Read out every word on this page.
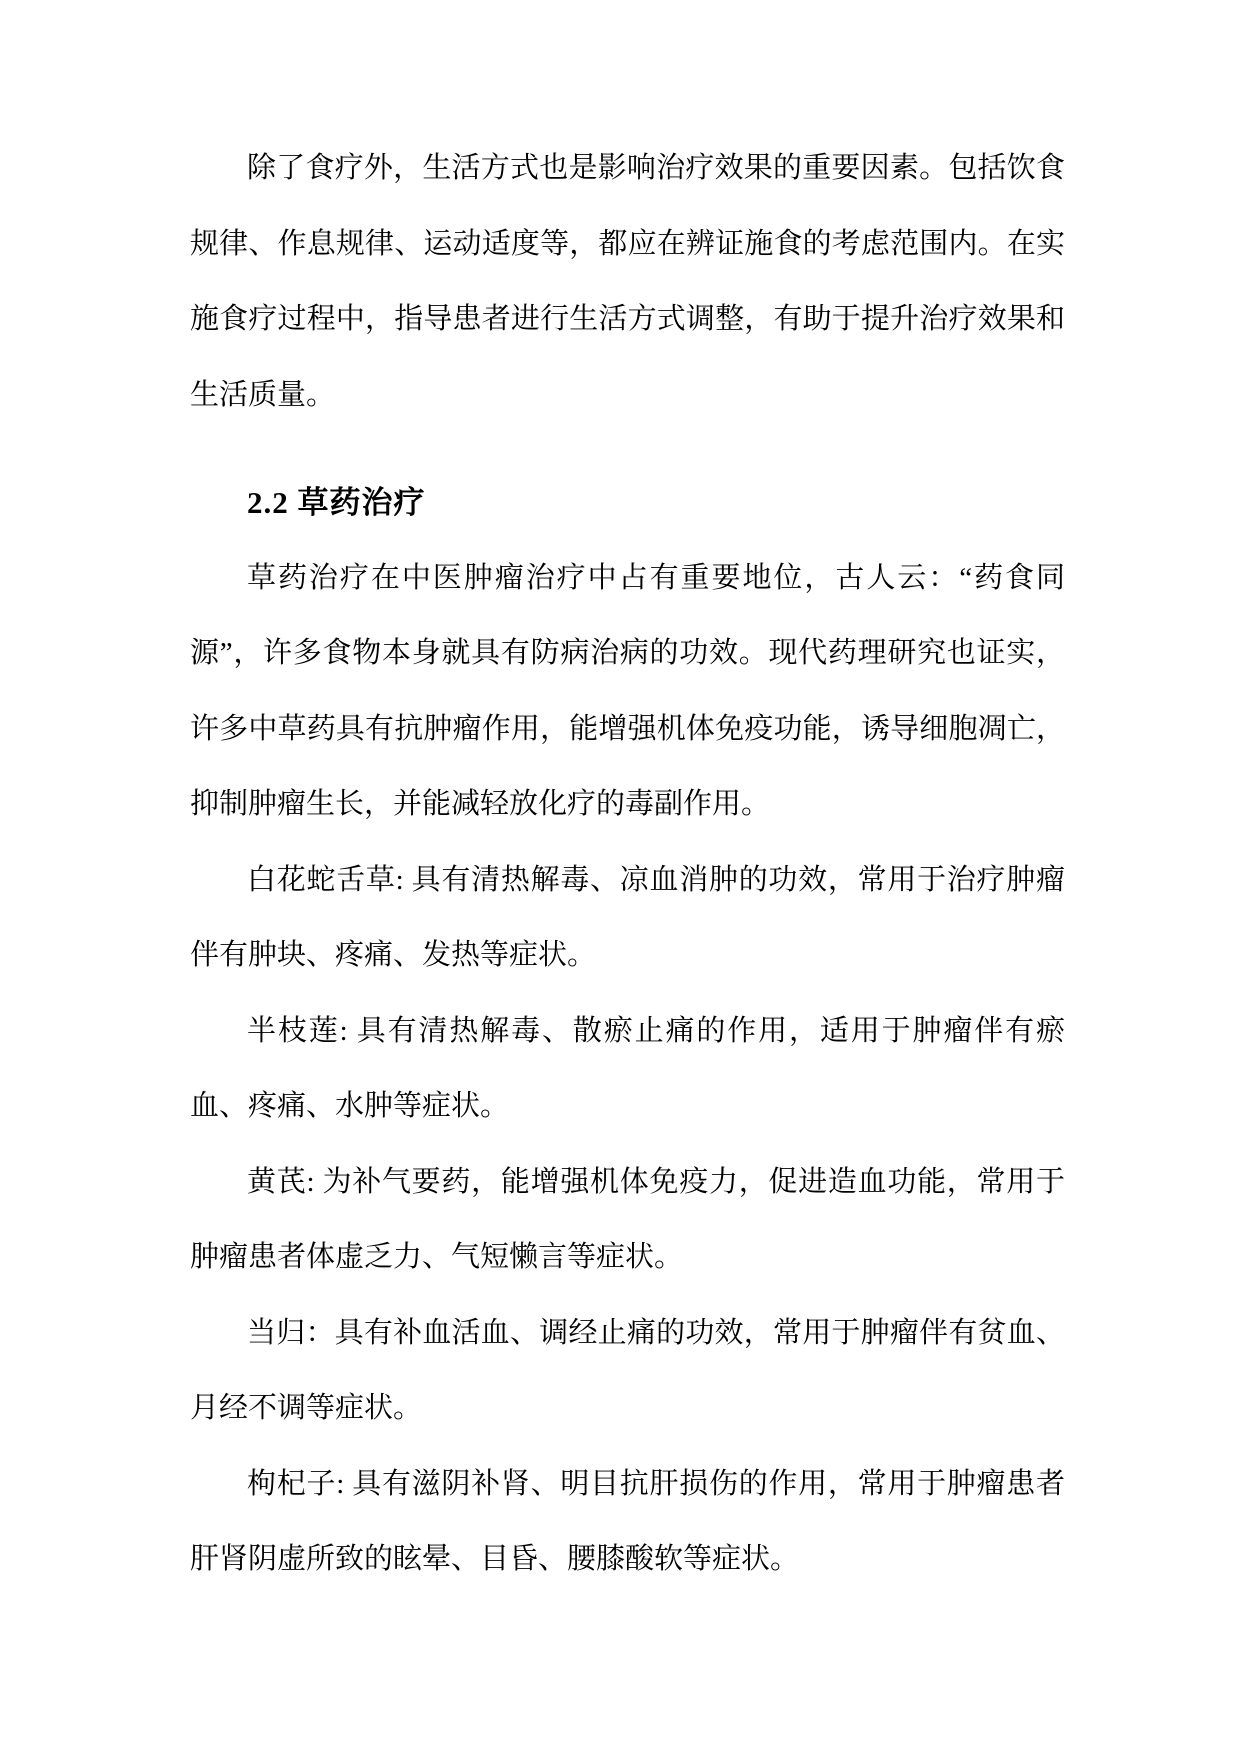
除了食疗外，生活方式也是影响治疗效果的重要因素。包括饮食规律、作息规律、运动适度等，都应在辨证施食的考虑范围内。在实施食疗过程中，指导患者进行生活方式调整，有助于提升治疗效果和生活质量。

2.2 草药治疗

草药治疗在中医肿瘤治疗中占有重要地位，古人云：“药食同源”，许多食物本身就具有防病治病的功效。现代药理研究也证实，许多中草药具有抗肿瘤作用，能增强机体免疫功能，诱导细胞凋亡，抑制肿瘤生长，并能减轻放化疗的毒副作用。

白花蛇舌草: 具有清热解毒、凉血消肿的功效，常用于治疗肿瘤伴有肿块、疼痛、发热等症状。

半枝莲: 具有清热解毒、散瘀止痛的作用，适用于肿瘤伴有瘀血、疼痛、水肿等症状。

黄芪: 为补气要药，能增强机体免疫力，促进造血功能，常用于肿瘤患者体虚乏力、气短懒言等症状。

当归：具有补血活血、调经止痛的功效，常用于肿瘤伴有贫血、月经不调等症状。

枸杞子: 具有滋阴补肾、明目抗肝损伤的作用，常用于肿瘤患者肝肾阴虚所致的眩晕、目昏、腰膝酸软等症状。
